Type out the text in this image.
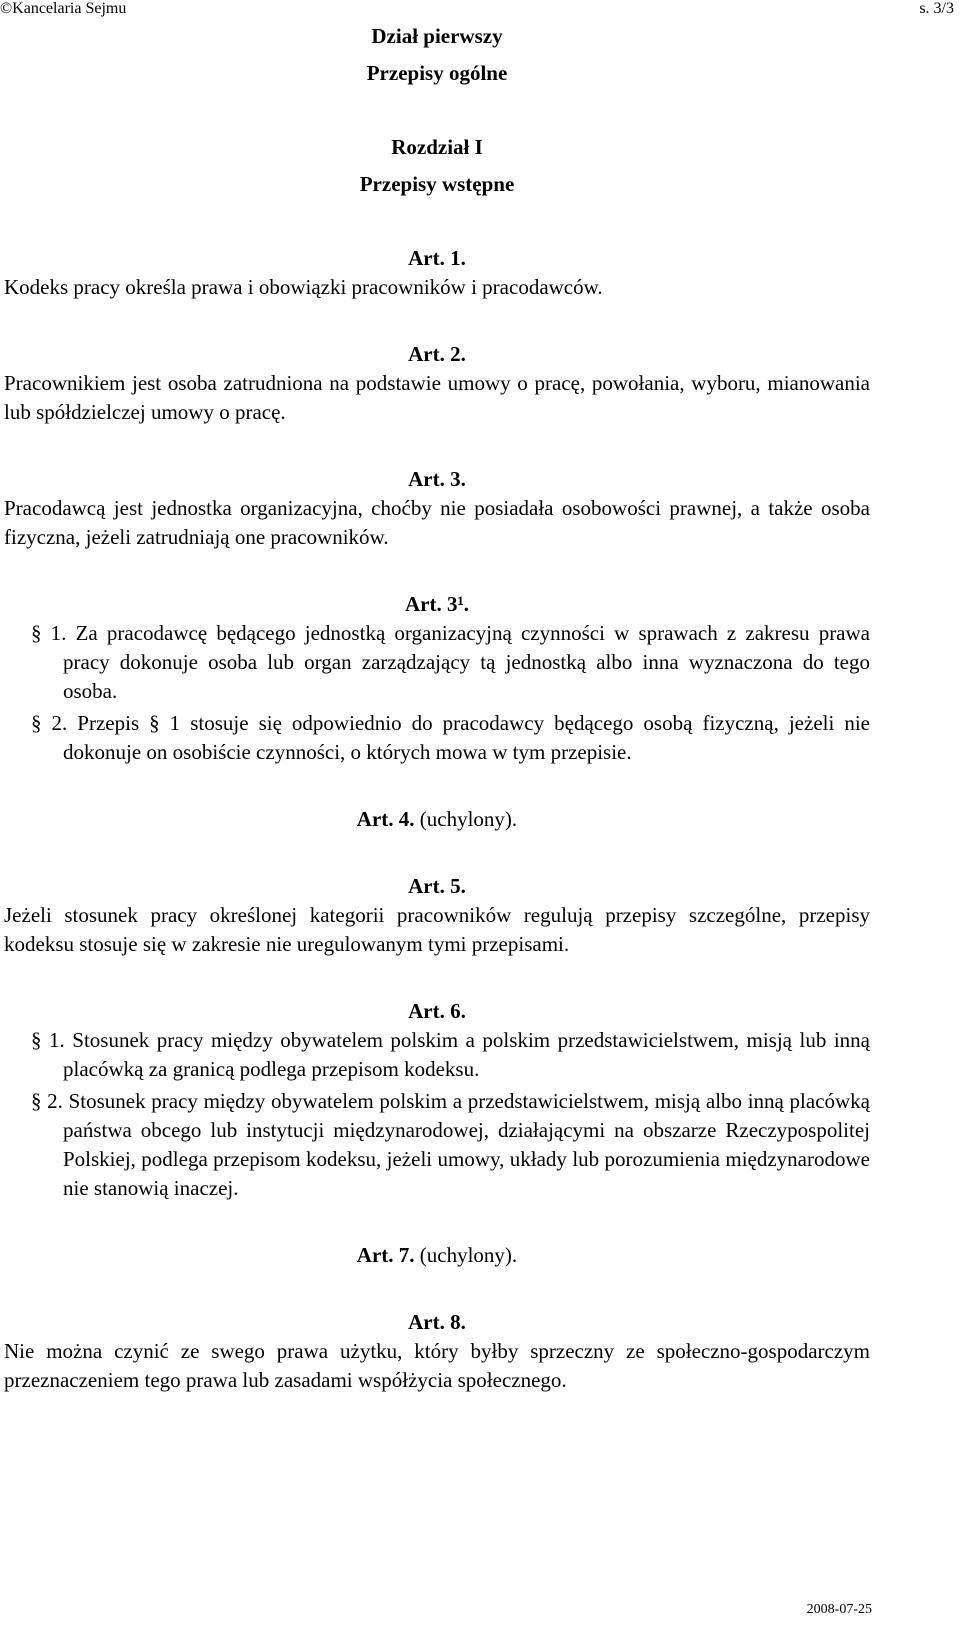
©Kancelaria Sejmu	s. 3/3

Dział pierwszy

Przepisy ogólne

Rozdział I

Przepisy wstępne

Art. 1.

Kodeks pracy określa prawa i obowiązki pracowników i pracodawców.

Art. 2.

Pracownikiem jest osoba zatrudniona na podstawie umowy o pracę, powołania, wyboru, mianowania lub spółdzielczej umowy o pracę.

Art. 3.

Pracodawcą jest jednostka organizacyjna, choćby nie posiadała osobowości prawnej, a także osoba fizyczna, jeżeli zatrudniają one pracowników.

Art. 3¹.

§ 1. Za pracodawcę będącego jednostką organizacyjną czynności w sprawach z zakresu prawa pracy dokonuje osoba lub organ zarządzający tą jednostką albo inna wyznaczona do tego osoba.

§ 2. Przepis § 1 stosuje się odpowiednio do pracodawcy będącego osobą fizyczną, jeżeli nie dokonuje on osobiście czynności, o których mowa w tym przepisie.

Art. 4. (uchylony).

Art. 5.

Jeżeli stosunek pracy określonej kategorii pracowników regulują przepisy szczególne, przepisy kodeksu stosuje się w zakresie nie uregulowanym tymi przepisami.

Art. 6.

§ 1. Stosunek pracy między obywatelem polskim a polskim przedstawicielstwem, misją lub inną placówką za granicą podlega przepisom kodeksu.

§ 2. Stosunek pracy między obywatelem polskim a przedstawicielstwem, misją albo inną placówką państwa obcego lub instytucji międzynarodowej, działającymi na obszarze Rzeczypospolitej Polskiej, podlega przepisom kodeksu, jeżeli umowy, układy lub porozumienia międzynarodowe nie stanowią inaczej.

Art. 7. (uchylony).

Art. 8.

Nie można czynić ze swego prawa użytku, który byłby sprzeczny ze społeczno-gospodarczym przeznaczeniem tego prawa lub zasadami współżycia społecznego.

2008-07-25
